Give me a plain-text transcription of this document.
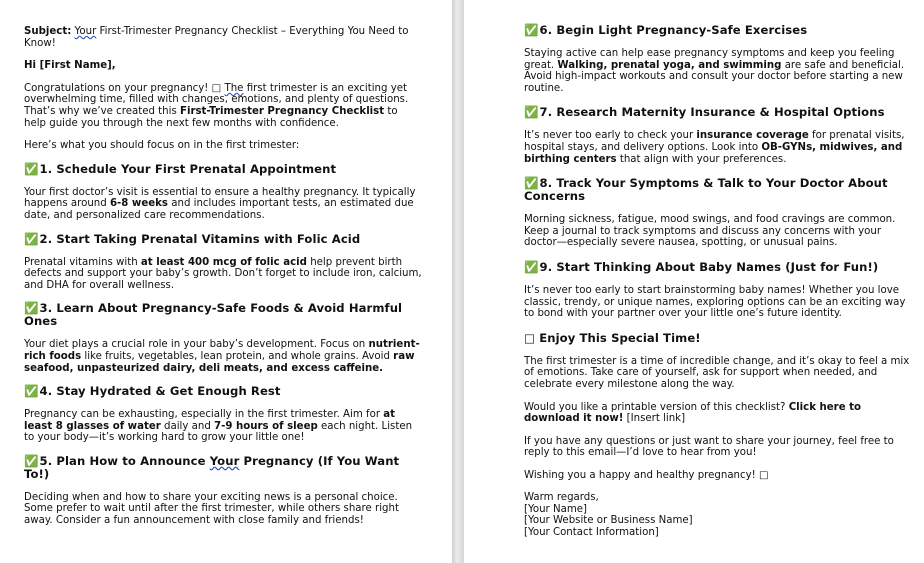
Subject: Your First-Trimester Pregnancy Checklist – Everything You Need to Know!

Hi [First Name],

Congratulations on your pregnancy! □ The first trimester is an exciting yet overwhelming time, filled with changes, emotions, and plenty of questions. That’s why we’ve created this First-Trimester Pregnancy Checklist to help guide you through the next few months with confidence.

Here’s what you should focus on in the first trimester:

✅1. Schedule Your First Prenatal Appointment

Your first doctor’s visit is essential to ensure a healthy pregnancy. It typically happens around 6-8 weeks and includes important tests, an estimated due date, and personalized care recommendations.

✅2. Start Taking Prenatal Vitamins with Folic Acid

Prenatal vitamins with at least 400 mcg of folic acid help prevent birth defects and support your baby’s growth. Don’t forget to include iron, calcium, and DHA for overall wellness.

✅3. Learn About Pregnancy-Safe Foods & Avoid Harmful Ones

Your diet plays a crucial role in your baby’s development. Focus on nutrient-rich foods like fruits, vegetables, lean protein, and whole grains. Avoid raw seafood, unpasteurized dairy, deli meats, and excess caffeine.

✅4. Stay Hydrated & Get Enough Rest

Pregnancy can be exhausting, especially in the first trimester. Aim for at least 8 glasses of water daily and 7-9 hours of sleep each night. Listen to your body—it’s working hard to grow your little one!

✅5. Plan How to Announce Your Pregnancy (If You Want To!)

Deciding when and how to share your exciting news is a personal choice. Some prefer to wait until after the first trimester, while others share right away. Consider a fun announcement with close family and friends!

✅6. Begin Light Pregnancy-Safe Exercises

Staying active can help ease pregnancy symptoms and keep you feeling great. Walking, prenatal yoga, and swimming are safe and beneficial. Avoid high-impact workouts and consult your doctor before starting a new routine.

✅7. Research Maternity Insurance & Hospital Options

It’s never too early to check your insurance coverage for prenatal visits, hospital stays, and delivery options. Look into OB-GYNs, midwives, and birthing centers that align with your preferences.

✅8. Track Your Symptoms & Talk to Your Doctor About Concerns

Morning sickness, fatigue, mood swings, and food cravings are common. Keep a journal to track symptoms and discuss any concerns with your doctor—especially severe nausea, spotting, or unusual pains.

✅9. Start Thinking About Baby Names (Just for Fun!)

It’s never too early to start brainstorming baby names! Whether you love classic, trendy, or unique names, exploring options can be an exciting way to bond with your partner over your little one’s future identity.

□ Enjoy This Special Time!

The first trimester is a time of incredible change, and it’s okay to feel a mix of emotions. Take care of yourself, ask for support when needed, and celebrate every milestone along the way.

Would you like a printable version of this checklist? Click here to download it now! [Insert link]

If you have any questions or just want to share your journey, feel free to reply to this email—I’d love to hear from you!

Wishing you a happy and healthy pregnancy! □

Warm regards,

[Your Name]

[Your Website or Business Name]

[Your Contact Information]
